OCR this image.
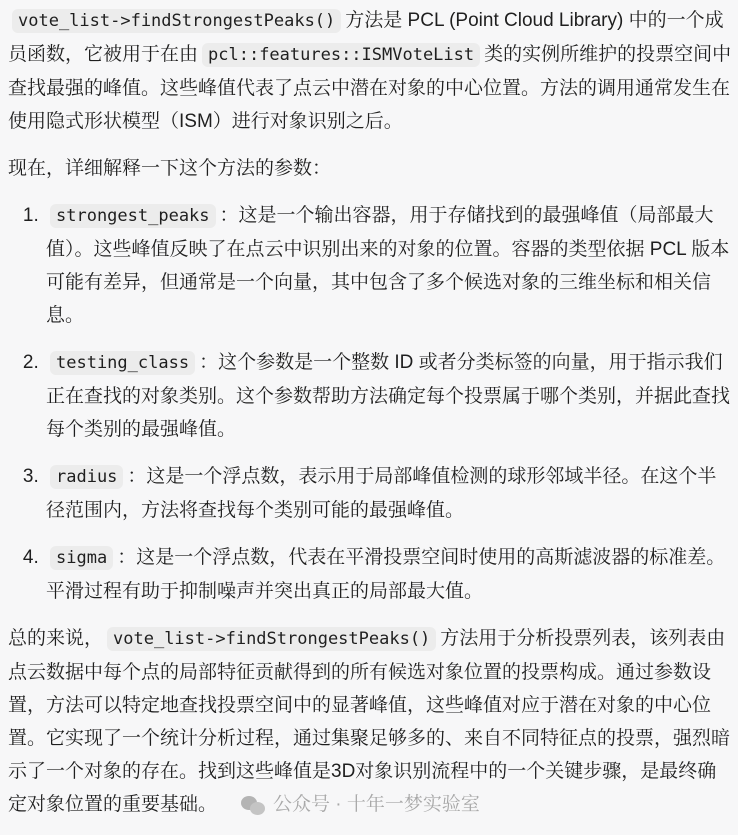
vote_list->findStrongestPeaks() 方法是 PCL (Point Cloud Library) 中的一个成员函数，它被用于在由 pcl::features::ISMVoteList 类的实例所维护的投票空间中查找最强的峰值。这些峰值代表了点云中潜在对象的中心位置。方法的调用通常发生在使用隐式形状模型（ISM）进行对象识别之后。

现在，详细解释一下这个方法的参数：

1. strongest_peaks ：这是一个输出容器，用于存储找到的最强峰值（局部最大值）。这些峰值反映了在点云中识别出来的对象的位置。容器的类型依据 PCL 版本可能有差异，但通常是一个向量，其中包含了多个候选对象的三维坐标和相关信息。
2. testing_class ：这个参数是一个整数 ID 或者分类标签的向量，用于指示我们正在查找的对象类别。这个参数帮助方法确定每个投票属于哪个类别，并据此查找每个类别的最强峰值。
3. radius ：这是一个浮点数，表示用于局部峰值检测的球形邻域半径。在这个半径范围内，方法将查找每个类别可能的最强峰值。
4. sigma ：这是一个浮点数，代表在平滑投票空间时使用的高斯滤波器的标准差。平滑过程有助于抑制噪声并突出真正的局部最大值。

总的来说， vote_list->findStrongestPeaks() 方法用于分析投票列表，该列表由点云数据中每个点的局部特征贡献得到的所有候选对象位置的投票构成。通过参数设置，方法可以特定地查找投票空间中的显著峰值，这些峰值对应于潜在对象的中心位置。它实现了一个统计分析过程，通过集聚足够多的、来自不同特征点的投票，强烈暗示了一个对象的存在。找到这些峰值是3D对象识别流程中的一个关键步骤，是最终确定对象位置的重要基础。	公众号 · 十年一梦实验室
